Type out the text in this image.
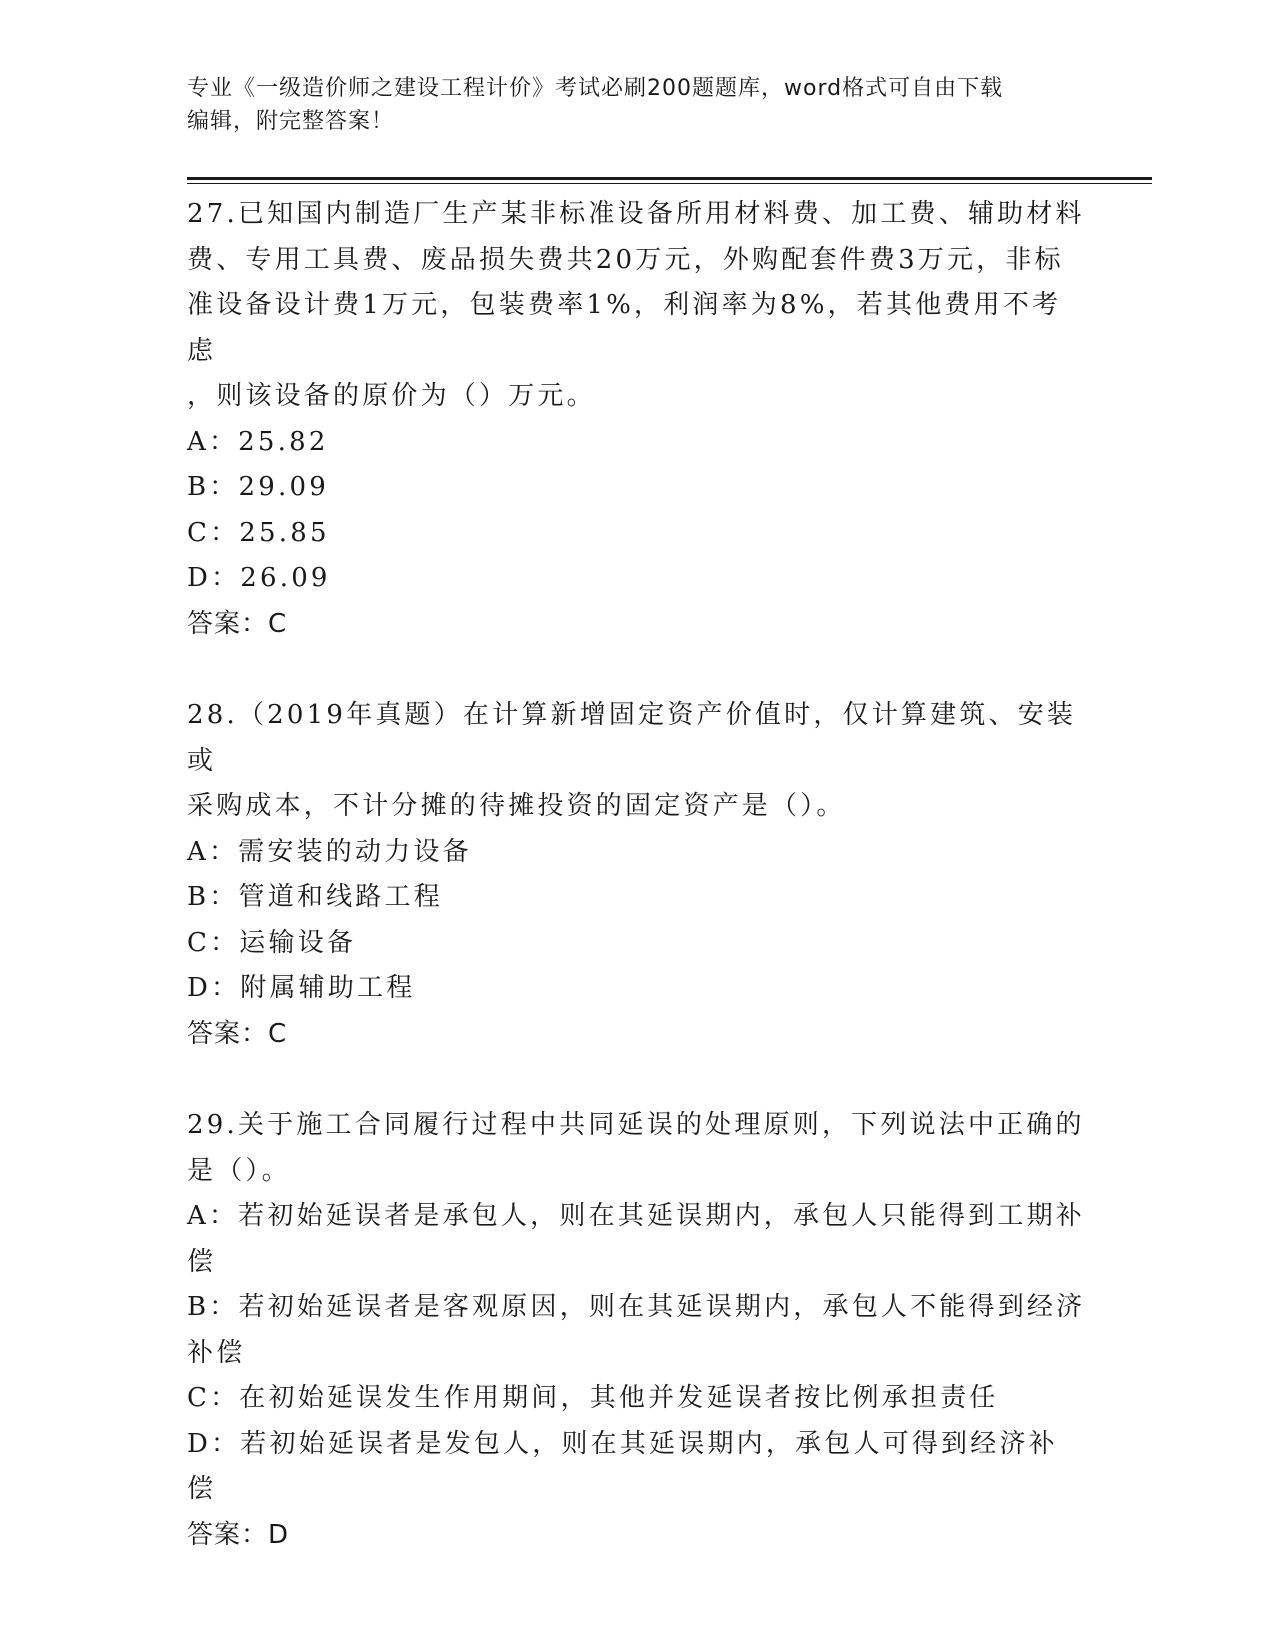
专业《一级造价师之建设工程计价》考试必刷200题题库，word格式可自由下载
编辑，附完整答案！
27.已知国内制造厂生产某非标准设备所用材料费、加工费、辅助材料
费、专用工具费、废品损失费共20万元，外购配套件费3万元，非标
准设备设计费1万元，包装费率1%，利润率为8%，若其他费用不考虑
，则该设备的原价为（）万元。
A：25.82
B：29.09
C：25.85
D：26.09
答案：C
28.（2019年真题）在计算新增固定资产价值时，仅计算建筑、安装或
采购成本，不计分摊的待摊投资的固定资产是（）。
A：需安装的动力设备
B：管道和线路工程
C：运输设备
D：附属辅助工程
答案：C
29.关于施工合同履行过程中共同延误的处理原则，下列说法中正确的
是（）。
A：若初始延误者是承包人，则在其延误期内，承包人只能得到工期补
偿
B：若初始延误者是客观原因，则在其延误期内，承包人不能得到经济
补偿
C：在初始延误发生作用期间，其他并发延误者按比例承担责任
D：若初始延误者是发包人，则在其延误期内，承包人可得到经济补偿
答案：D
